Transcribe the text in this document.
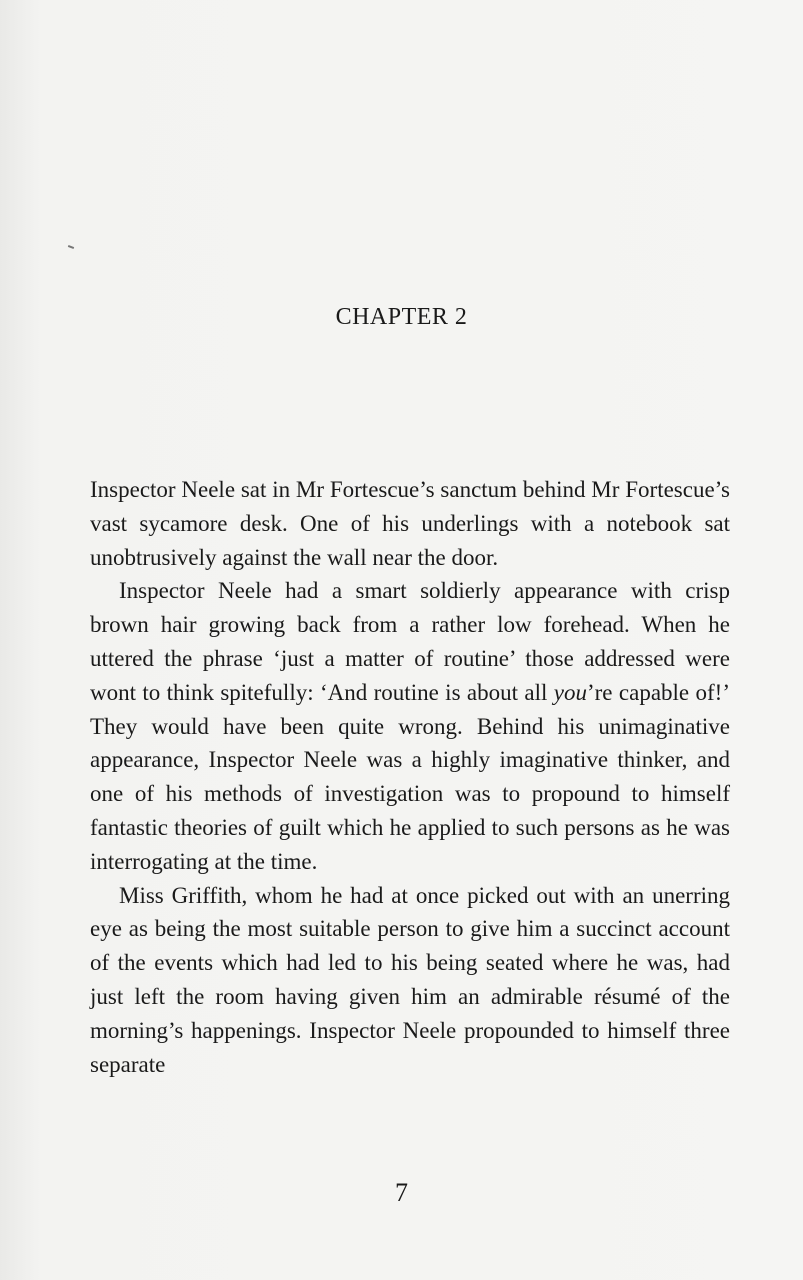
CHAPTER 2

Inspector Neele sat in Mr Fortescue’s sanctum behind Mr Fortescue’s vast sycamore desk. One of his underlings with a notebook sat unobtrusively against the wall near the door.

Inspector Neele had a smart soldierly appearance with crisp brown hair growing back from a rather low forehead. When he uttered the phrase ‘just a matter of routine’ those addressed were wont to think spitefully: ‘And routine is about all you’re capable of!’ They would have been quite wrong. Behind his unimaginative appearance, Inspector Neele was a highly imaginative thinker, and one of his methods of investigation was to propound to himself fantastic theories of guilt which he applied to such persons as he was interrogating at the time.

Miss Griffith, whom he had at once picked out with an unerring eye as being the most suitable person to give him a succinct account of the events which had led to his being seated where he was, had just left the room having given him an admirable résumé of the morning’s happenings. Inspector Neele propounded to himself three separate

7
